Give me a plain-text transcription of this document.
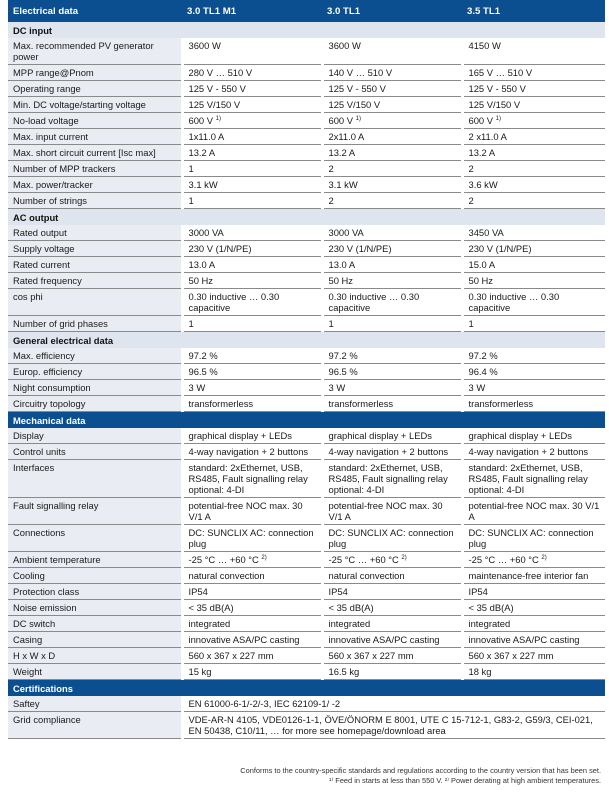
Electrical data	3.0 TL1 M1	3.0 TL1	3.5 TL1
DC input			
Max. recommended PV generator power	3600 W	3600 W	4150 W
MPP range@Pnom	280 V … 510 V	140 V … 510 V	165 V … 510 V
Operating range	125 V - 550 V	125 V - 550 V	125 V - 550 V
Min. DC voltage/starting voltage	125 V/150 V	125 V/150 V	125 V/150 V
No-load voltage	600 V $^{1)}$	600 V $^{1)}$	600 V $^{1)}$
Max. input current	1x11.0 A	2x11.0 A	2 x11.0 A
Max. short circuit current [Isc max]	13.2 A	13.2 A	13.2 A
Number of MPP trackers	1	2	2
Max. power/tracker	3.1 kW	3.1 kW	3.6 kW
Number of strings	1	2	2
AC output			
Rated output	3000 VA	3000 VA	3450 VA
Supply voltage	230 V (1/N/PE)	230 V (1/N/PE)	230 V (1/N/PE)
Rated current	13.0 A	13.0 A	15.0 A
Rated frequency	50 Hz	50 Hz	50 Hz
cos phi	0.30 inductive … 0.30 capacitive	0.30 inductive … 0.30 capacitive	0.30 inductive … 0.30 capacitive
Number of grid phases	1	1	1
General electrical data			
Max. efficiency	97.2 %	97.2 %	97.2 %
Europ. efficiency	96.5 %	96.5 %	96.4 %
Night consumption	3 W	3 W	3 W
Circuitry topology	transformerless	transformerless	transformerless
Mechanical data			
Display	graphical display + LEDs	graphical display + LEDs	graphical display + LEDs
Control units	4-way navigation + 2 buttons	4-way navigation + 2 buttons	4-way navigation + 2 buttons
Interfaces	standard: 2xEthernet, USB, RS485, Fault signalling relay optional: 4-DI	standard: 2xEthernet, USB, RS485, Fault signalling relay optional: 4-DI	standard: 2xEthernet, USB, RS485, Fault signalling relay optional: 4-DI
Fault signalling relay	potential-free NOC max. 30 V/1 A	potential-free NOC max. 30 V/1 A	potential-free NOC max. 30 V/1 A
Connections	DC: SUNCLIX AC: connection plug	DC: SUNCLIX AC: connection plug	DC: SUNCLIX AC: connection plug
Ambient temperature	-25 °C … +60 °C $^{2)}$	-25 °C … +60 °C $^{2)}$	-25 °C … +60 °C $^{2)}$
Cooling	natural convection	natural convection	maintenance-free interior fan
Protection class	IP54	IP54	IP54
Noise emission	< 35 dB(A)	< 35 dB(A)	< 35 dB(A)
DC switch	integrated	integrated	integrated
Casing	innovative ASA/PC casting	innovative ASA/PC casting	innovative ASA/PC casting
H x W x D	560 x 367 x 227 mm	560 x 367 x 227 mm	560 x 367 x 227 mm
Weight	15 kg	16.5 kg	18 kg
Certifications			
Saftey	EN 61000-6-1/-2/-3, IEC 62109-1/ -2		
Grid compliance	VDE-AR-N 4105, VDE0126-1-1, ÖVE/ÖNORM E 8001, UTE C 15-712-1, G83-2, G59/3, CEI-021, EN 50438, C10/11, … for more see homepage/download area		
Conforms to the country-specific standards and regulations according to the country version that has been set.
¹⁾ Feed in starts at less than 550 V. ²⁾ Power derating at high ambient temperatures.
